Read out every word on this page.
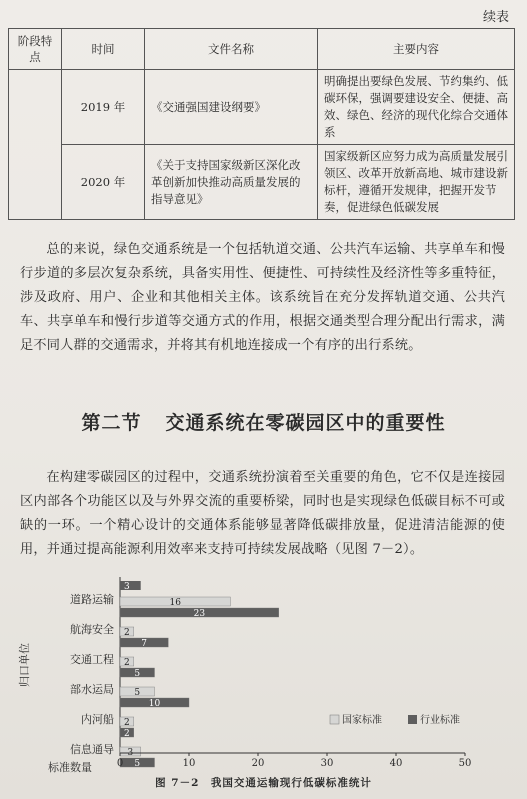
续表
阶段特点	时间	文件名称	主要内容
	2019 年	《交通强国建设纲要》	明确提出要绿色发展、节约集约、低碳环保，强调要建设安全、便捷、高效、绿色、经济的现代化综合交通体系
	2020 年	《关于支持国家级新区深化改革创新加快推动高质量发展的指导意见》	国家级新区应努力成为高质量发展引领区、改革开放新高地、城市建设新标杆，遵循开发规律，把握开发节奏，促进绿色低碳发展
总的来说，绿色交通系统是一个包括轨道交通、公共汽车运输、共享单车和慢行步道的多层次复杂系统，具备实用性、便捷性、可持续性及经济性等多重特征，涉及政府、用户、企业和其他相关主体。该系统旨在充分发挥轨道交通、公共汽车、共享单车和慢行步道等交通方式的作用，根据交通类型合理分配出行需求，满足不同人群的交通需求，并将其有机地连接成一个有序的出行系统。
第二节 交通系统在零碳园区中的重要性
在构建零碳园区的过程中，交通系统扮演着至关重要的角色，它不仅是连接园区内部各个功能区以及与外界交流的重要桥梁，同时也是实现绿色低碳目标不可或缺的一环。一个精心设计的交通体系能够显著降低碳排放量，促进清洁能源的使用，并通过提高能源利用效率来支持可持续发展战略（见图 7－2）。
归口单位
3
道路运输	16
23
航海安全 2
7
交通工程 2
5
部水运局 5
10
内河船 2
2
信息通导 3
5
0	10	20	30	40	50
标准数量
国家标准	行业标准
图 7－2　我国交通运输现行低碳标准统计
